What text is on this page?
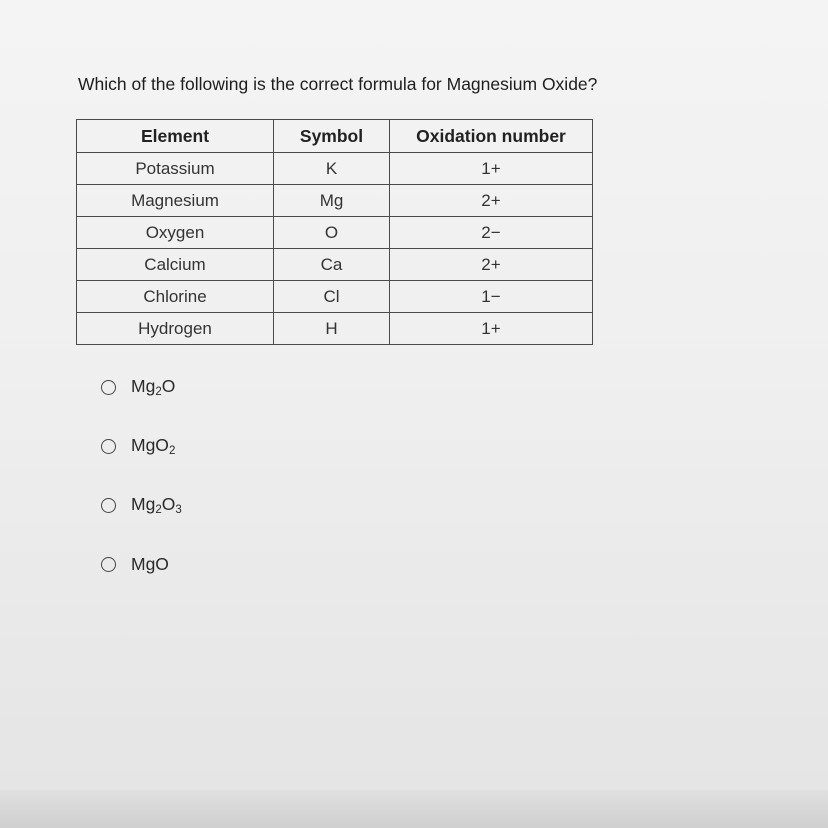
Which of the following is the correct formula for Magnesium Oxide?
Element	Symbol	Oxidation number
Potassium	K	1+
Magnesium	Mg	2+
Oxygen	O	2−
Calcium	Ca	2+
Chlorine	Cl	1−
Hydrogen	H	1+
$Mg_2O$
MgO$_2$
$Mg_2O_3$
MgO
